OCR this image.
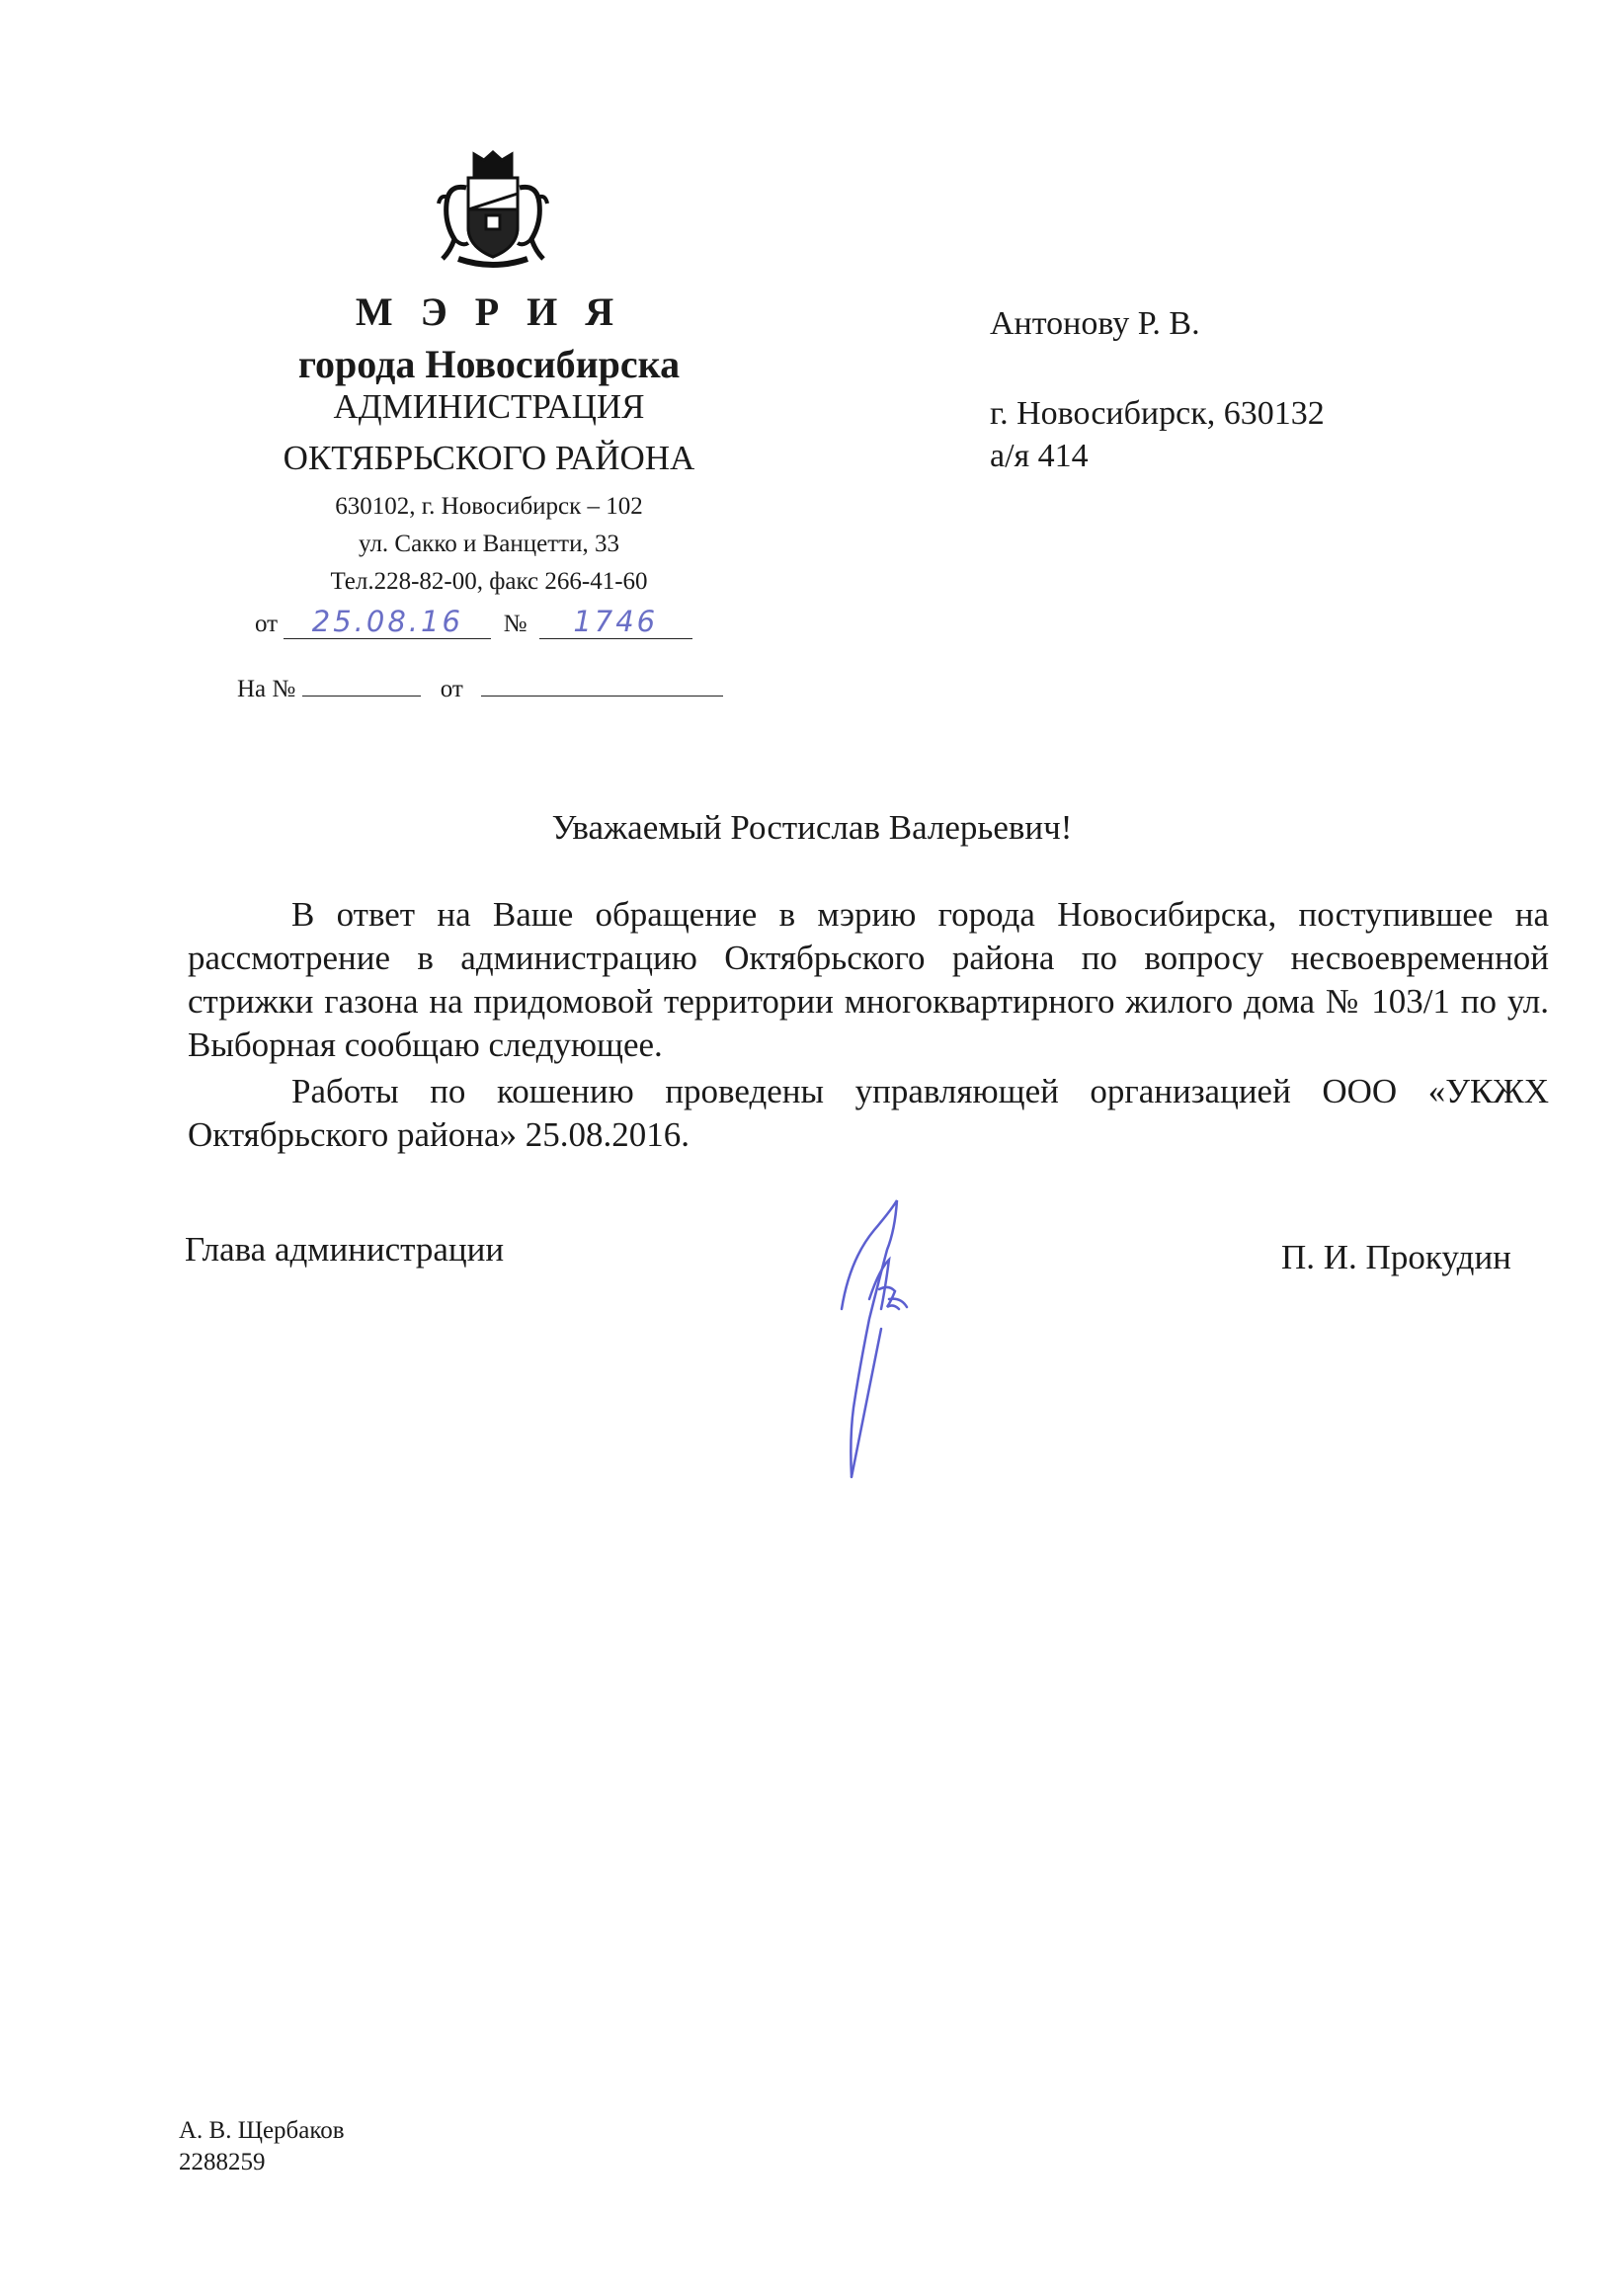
М Э Р И Я
города Новосибирска
АДМИНИСТРАЦИЯ
ОКТЯБРЬСКОГО РАЙОНА
630102, г. Новосибирск – 102
ул. Сакко и Ванцетти, 33
Тел.228-82-00, факс 266-41-60
от 25.08.16 № 1746
На №	от
Антонову Р. В.
г. Новосибирск, 630132
а/я 414
Уважаемый Ростислав Валерьевич!
В ответ на Ваше обращение в мэрию города Новосибирска, поступившее на рассмотрение в администрацию Октябрьского района по вопросу несвоевременной стрижки газона на придомовой территории многоквартирного жилого дома № 103/1 по ул. Выборная сообщаю следующее.
Работы по кошению проведены управляющей организацией ООО «УКЖХ Октябрьского района» 25.08.2016.
Глава администрации	П. И. Прокудин
А. В. Щербаков
2288259
